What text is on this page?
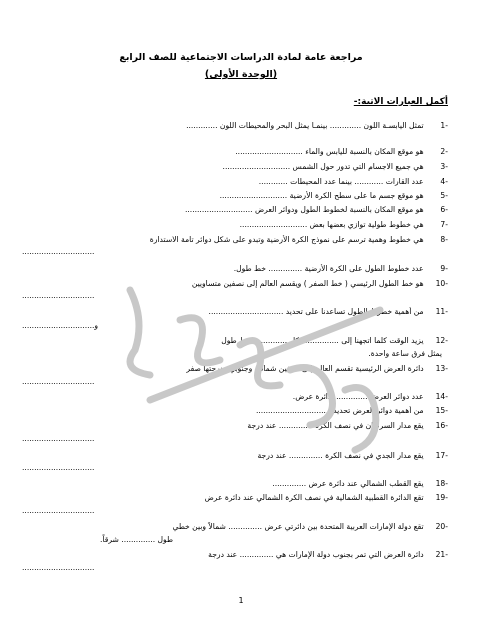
مراجعة عامة لمادة الدراسات الاجتماعية للصف الرابع
(الوحدة الأولى)
أكمل العبارات الاتية:-
-1 تمثل اليابسـة اللون ............. بينمـا يمثل البحر والمحيطات اللون .............
-2 هو موقع المكان بالنسبة لليابس والماء ............................
-3 هي جميع الاجسام التي تدور حول الشمس ............................
-4 عدد القارات ............ بينما عدد المحيطات ............
-5 هو موقع جسم ما على سطح الكرة الأرضية ............................
-6 هو موقع المكان بالنسبة لخطوط الطول ودوائر العرض ............................
-7 هي خطوط طولية توازي بعضها بعض ............................
-8 هي خطوط وهمية ترسم على نموذج الكرة الأرضية وتبدو على شكل دوائر تامة الاستدارة
..............................
-9 عدد خطوط الطول على الكرة الأرضية .............. خط طول.
-10 هو خط الطول الرئيسي ( خط الصفر ) ويقسم العالم إلى نصفين متساويين
..............................
-11 من أهمية خطوط الطول تساعدنا على تحديد ...............................
و..............................
-12 يزيد الوقت كلما اتجهنا إلى .............. وكل .............. خط طول
يمثل فرق ساعة واحدة.
-13 دائرة العرض الرئيسية تقسم العالم إلى نصفين شمالي وجنوبي ودرجتها صفر
..............................
-14 عدد دوائر العرض .............. دائرة عرض.
-15 من أهمية دوائر العرض تحديد ...............................
-16 يقع مدار السرطان في نصف الكرة .............. عند درجة
..............................
-17 يقع مدار الجدي في نصف الكرة .............. عند درجة
..............................
-18 يقع القطب الشمالي عند دائرة عرض ..............
-19 تقع الدائرة القطبية الشمالية في نصف الكرة الشمالي عند دائرة عرض
..............................
-20 تقع دولة الإمارات العربية المتحدة بين دائرتي عرض .............. شمالاً وبين خطي
طول .............. شرقاً.
-21 دائرة العرض التي تمر بجنوب دولة الإمارات هي .............. عند درجة
..............................
1
